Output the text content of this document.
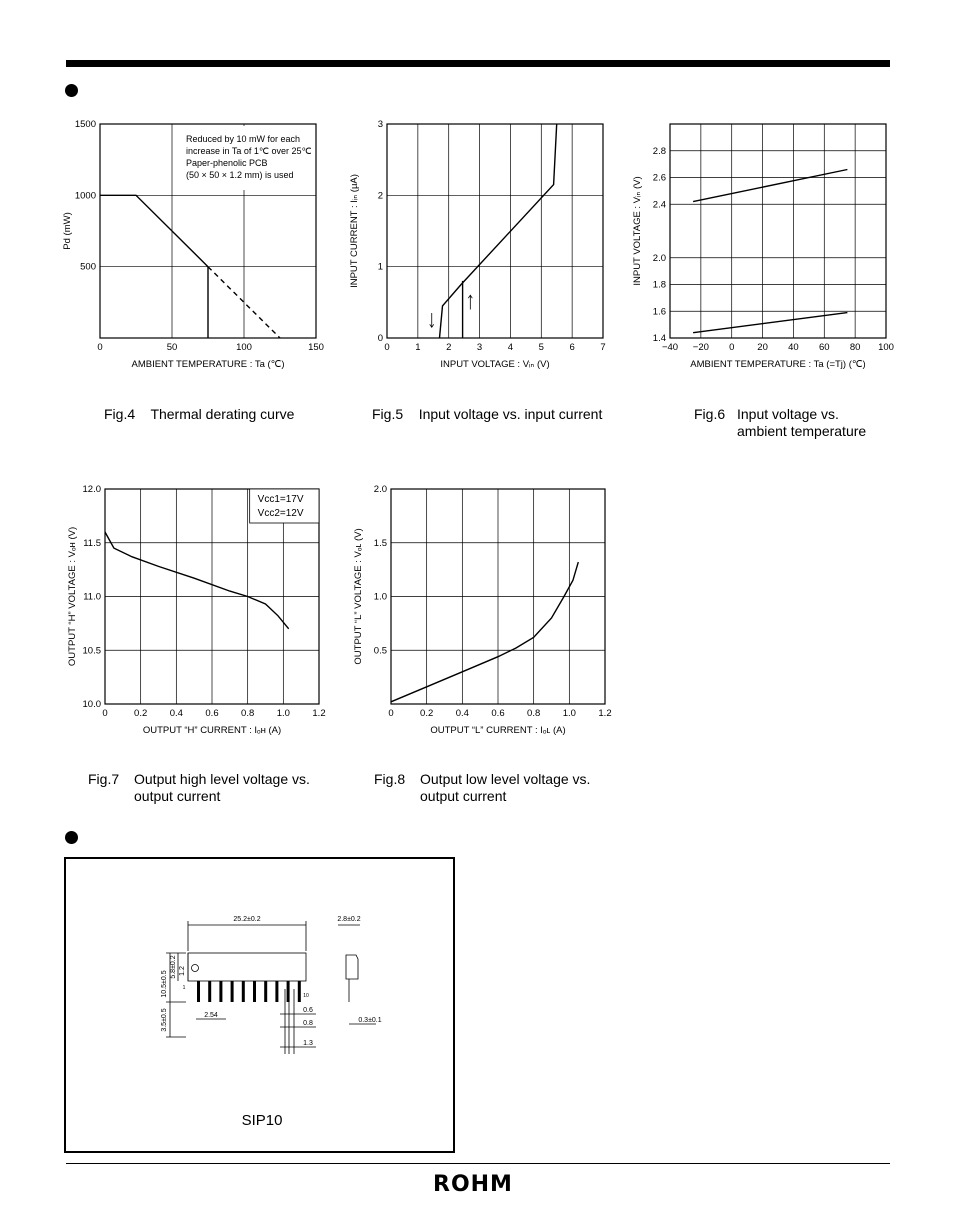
0	50	100	150
500
1000
1500
AMBIENT TEMPERATURE : Ta (℃)
Pd (mW)
Reduced by 10 mW for each
increase in Ta of 1℃ over 25℃
Paper-phenolic PCB
(50 × 50 × 1.2 mm) is used
Fig.4 Thermal derating curve
0	1	2	3	4	5	6	7
0
1
2
3
INPUT VOLTAGE : Vᵢₙ (V)
INPUT CURRENT : Iᵢₙ (μA)
Fig.5 Input voltage vs. input current
−40 −20 0 20 40 60 80 100
1.4
1.6
1.8
2.0
2.4
2.6
2.8
AMBIENT TEMPERATURE : Ta (=Tj) (℃)
INPUT VOLTAGE : Vᵢₙ (V)
Fig.6 Input voltage vs.
ambient temperature
0	0.2 0.4 0.6 0.8 1.0 1.2
10.0
10.5
11.0
11.5
12.0
OUTPUT “H” CURRENT : Iₒʜ (A)
OUTPUT “H” VOLTAGE : Vₒʜ (V)
Vcc1=17V
Vcc2=12V
Fig.7 Output high level voltage vs.
output current
0	0.2 0.4 0.6 0.8 1.0 1.2
0.5
1.0
1.5
2.0
OUTPUT “L” CURRENT : Iₒʟ (A)
OUTPUT “L” VOLTAGE : Vₒʟ (V)
Fig.8 Output low level voltage vs.
output current
25.2±0.2	2.8±0.2
10.5±0.5
5.8±0.2 1.2
3.5±0.5	2.54
0.6
0.8
1.3
0.3±0.1
1
10
SIP10
ROHM
